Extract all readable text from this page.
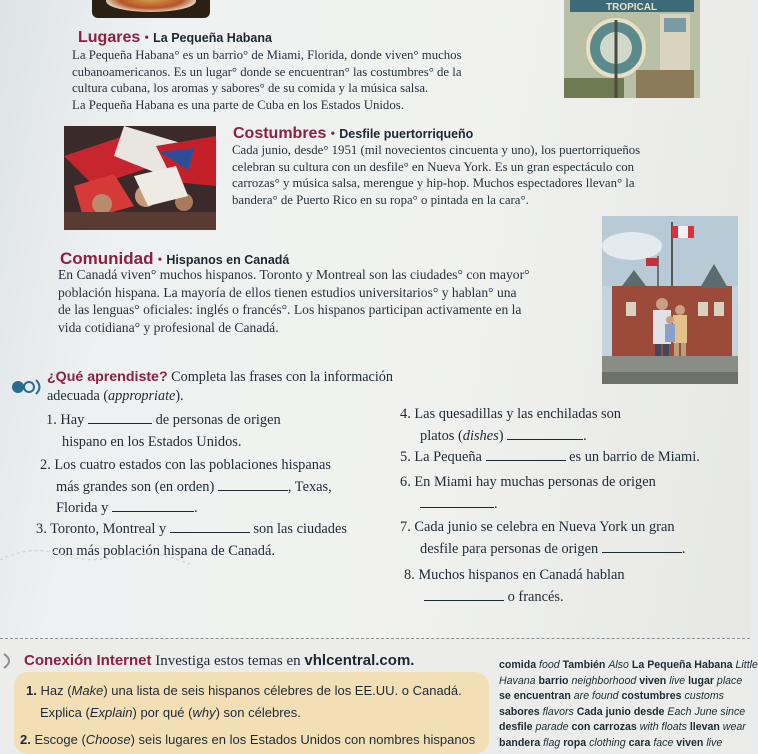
TROPICAL
Lugares • La Pequeña Habana
La Pequeña Habana° es un barrio° de Miami, Florida, donde viven° muchos
cubanoamericanos. Es un lugar° donde se encuentran° las costumbres° de la
cultura cubana, los aromas y sabores° de su comida y la música salsa.
La Pequeña Habana es una parte de Cuba en los Estados Unidos.
Costumbres • Desfile puertorriqueño
Cada junio, desde° 1951 (mil novecientos cincuenta y uno), los puertorriqueños
celebran su cultura con un desfile° en Nueva York. Es un gran espectáculo con
carrozas° y música salsa, merengue y hip-hop. Muchos espectadores llevan° la
bandera° de Puerto Rico en su ropa° o pintada en la cara°.
Comunidad • Hispanos en Canadá
En Canadá viven° muchos hispanos. Toronto y Montreal son las ciudades° con mayor°
población hispana. La mayoría de ellos tienen estudios universitarios° y hablan° una
de las lenguas° oficiales: inglés o francés°. Los hispanos participan activamente en la
vida cotidiana° y profesional de Canadá.
¿Qué aprendiste? Completa las frases con la información
adecuada (appropriate).
1. Hay	de personas de origen
hispano en los Estados Unidos.
2. Los cuatro estados con las poblaciones hispanas
más grandes son (en orden)	, Texas,
Florida y	.
3. Toronto, Montreal y	son las ciudades
con más población hispana de Canadá.
4. Las quesadillas y las enchiladas son
platos (dishes)	.
5. La Pequeña	es un barrio de Miami.
6. En Miami hay muchas personas de origen
.
7. Cada junio se celebra en Nueva York un gran
desfile para personas de origen	.
8. Muchos hispanos en Canadá hablan
o francés.
Conexión Internet Investiga estos temas en vhlcentral.com.
1. Haz (Make) una lista de seis hispanos célebres de los EE.UU. o Canadá.
Explica (Explain) por qué (why) son célebres.
2. Escoge (Choose) seis lugares en los Estados Unidos con nombres hispanos
comida food También Also La Pequeña Habana Little
Havana barrio neighborhood viven live lugar place
se encuentran are found costumbres customs
sabores flavors Cada junio desde Each June since
desfile parade con carrozas with floats llevan wear
bandera flag ropa clothing cara face viven live
